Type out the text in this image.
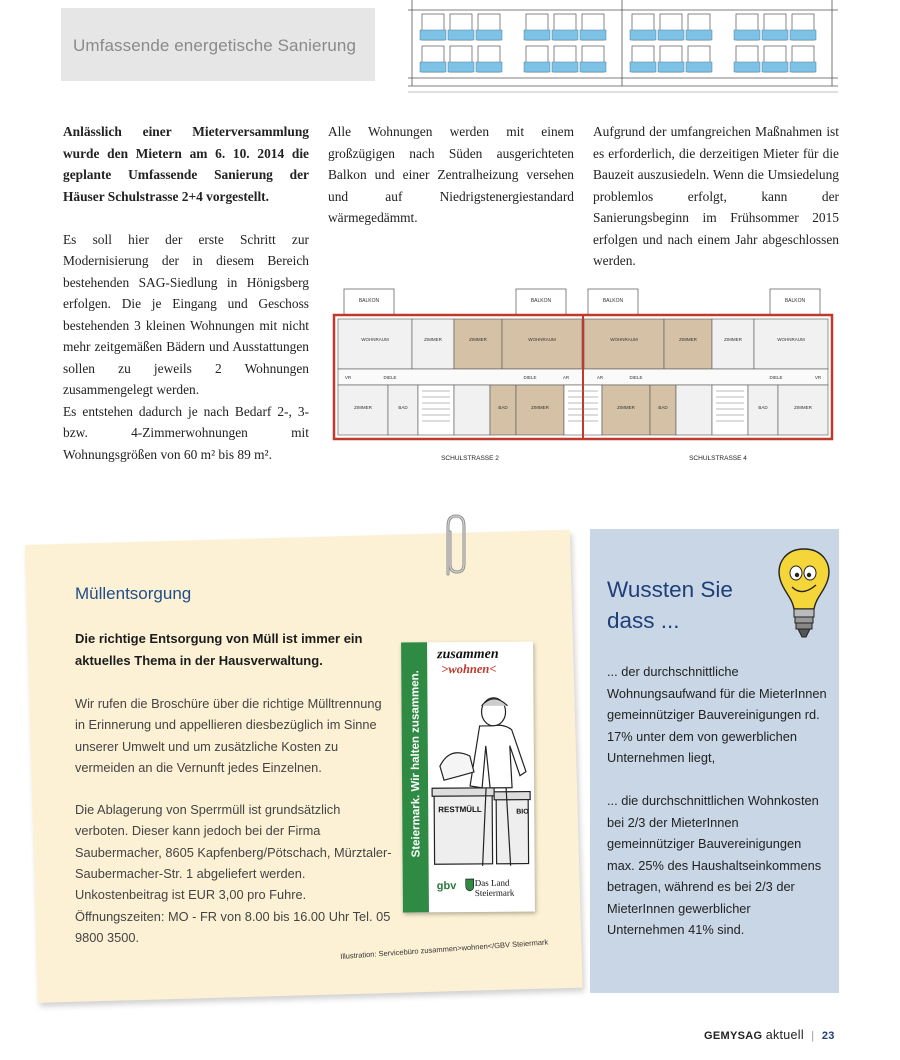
Umfassende energetische Sanierung

Anlässlich einer Mieterversammlung wurde den Mietern am 6. 10. 2014 die geplante Umfassende Sanierung der Häuser Schulstrasse 2+4 vorgestellt.

Es soll hier der erste Schritt zur Modernisierung der in diesem Bereich bestehenden SAG-Siedlung in Hönigsberg erfolgen. Die je Eingang und Geschoss bestehenden 3 kleinen Wohnungen mit nicht mehr zeitgemäßen Bädern und Ausstattungen sollen zu jeweils 2 Wohnungen zusammengelegt werden.

Es entstehen dadurch je nach Bedarf 2-, 3- bzw. 4-Zimmerwohnungen mit Wohnungsgrößen von 60 m² bis 89 m².

Alle Wohnungen werden mit einem großzügigen nach Süden ausgerichteten Balkon und einer Zentralheizung versehen und auf Niedrigstenergiestandard wärmegedämmt.

Aufgrund der umfangreichen Maßnahmen ist es erforderlich, die derzeitigen Mieter für die Bauzeit auszusiedeln. Wenn die Umsiedelung problemlos erfolgt, kann der Sanierungsbeginn im Frühsommer 2015 erfolgen und nach einem Jahr abgeschlossen werden.

BALKON	BALKON	BALKON	BALKON
WOHNRAUM	ZIMMER	ZIMMER	WOHNRAUM	WOHNRAUM	ZIMMER	ZIMMER	WOHNRAUM
VR	DIELE	DIELE	AR	AR	DIELE	DIELE	VR
ZIMMER	BAD	BAD	ZIMMER	ZIMMER	BAD	BAD	ZIMMER
SCHULSTRASSE 2	SCHULSTRASSE 4
Müllentsorgung
Die richtige Entsorgung von Müll ist immer ein aktuelles Thema in der Hausverwaltung.

Wir rufen die Broschüre über die richtige Mülltrennung in Erinnerung und appellieren diesbezüglich im Sinne unserer Umwelt und um zusätzliche Kosten zu vermeiden an die Vernunft jedes Einzelnen.

Die Ablagerung von Sperrmüll ist grundsätzlich verboten. Dieser kann jedoch bei der Firma Saubermacher, 8605 Kapfenberg/Pötschach, Mürztaler-Saubermacher-Str. 1 abgeliefert werden. Unkostenbeitrag ist EUR 3,00 pro Fuhre. Öffnungszeiten: MO - FR von 8.00 bis 16.00 Uhr Tel. 05 9800 3500.

Steiermark. Wir halten zusammen.
zusammen
>wohnen<
RESTMÜLL	BIO
gbv	Das Land
Steiermark
Illustration: Servicebüro zusammen>wohnen</GBV Steiermark
Wussten Sie dass ...

... der durchschnittliche Wohnungsaufwand für die MieterInnen gemeinnütziger Bauvereinigungen rd. 17% unter dem von gewerblichen Unternehmen liegt,

... die durchschnittlichen Wohnkosten bei 2/3 der MieterInnen gemeinnütziger Bauvereinigungen max. 25% des Haushaltseinkommens betragen, während es bei 2/3 der MieterInnen gewerblicher Unternehmen 41% sind.

GEMYSAG aktuell | 23
